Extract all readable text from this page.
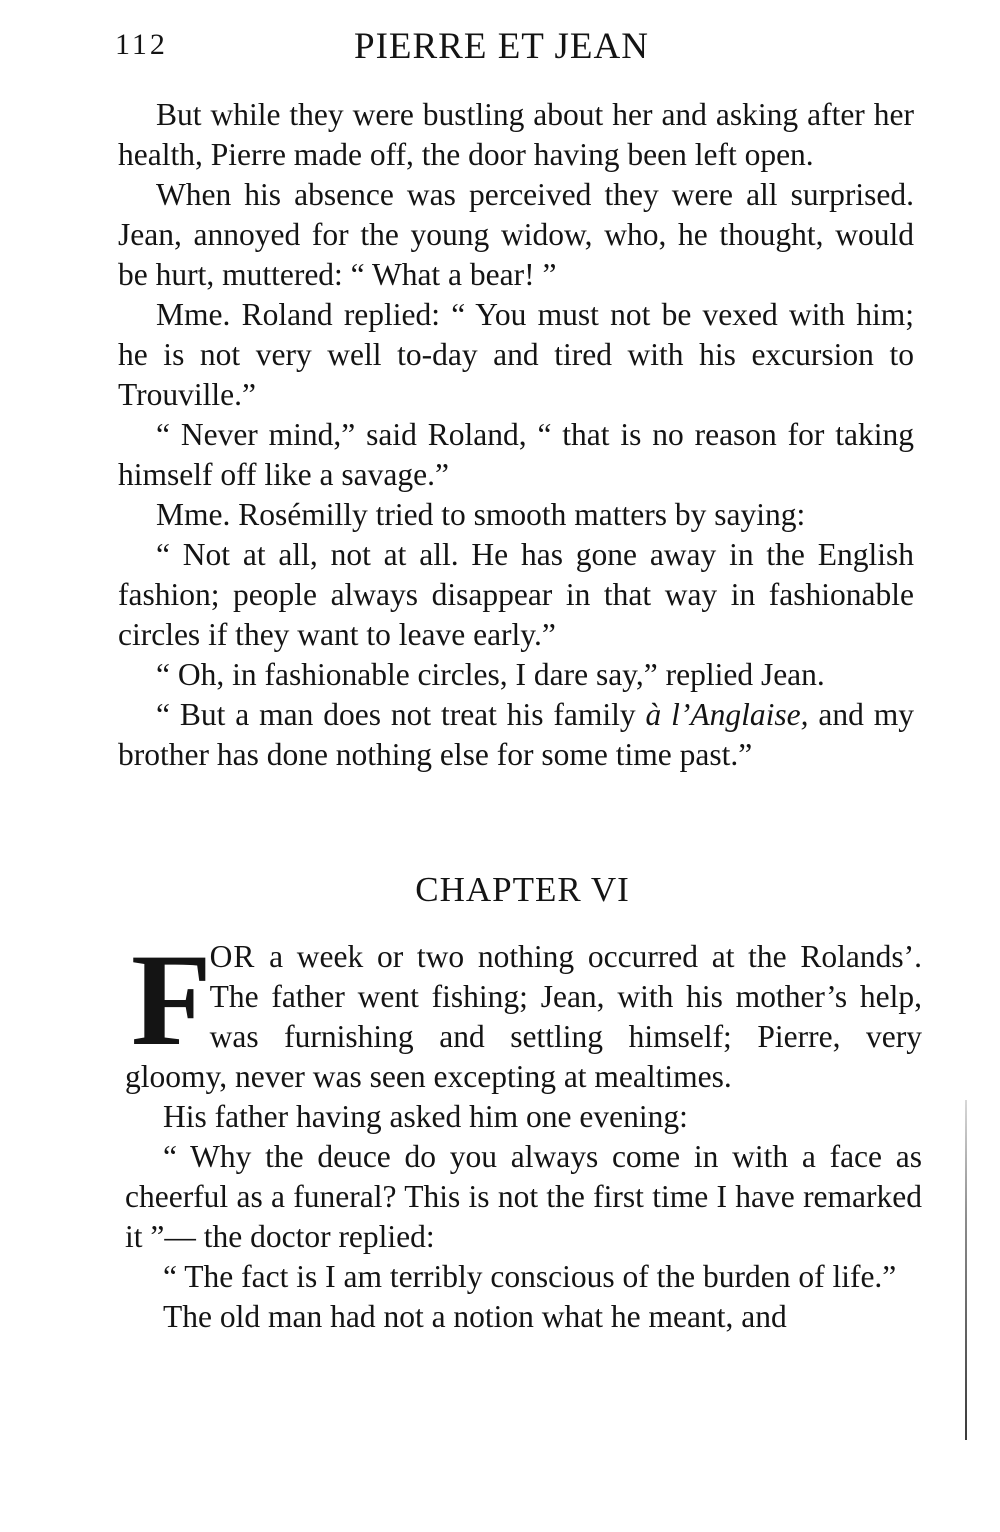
112	PIERRE ET JEAN

But while they were bustling about her and asking after her health, Pierre made off, the door having been left open.

When his absence was perceived they were all surprised. Jean, annoyed for the young widow, who, he thought, would be hurt, muttered: “ What a bear! ”

Mme. Roland replied: “ You must not be vexed with him; he is not very well to-day and tired with his excursion to Trouville.”

“ Never mind,” said Roland, “ that is no reason for taking himself off like a savage.”

Mme. Rosémilly tried to smooth matters by saying:

“ Not at all, not at all. He has gone away in the English fashion; people always disappear in that way in fashionable circles if they want to leave early.”

“ Oh, in fashionable circles, I dare say,” replied Jean.

“ But a man does not treat his family à l’Anglaise, and my brother has done nothing else for some time past.”

CHAPTER VI

FOR a week or two nothing occurred at the Rolands’. The father went fishing; Jean, with his mother’s help, was furnishing and settling himself; Pierre, very gloomy, never was seen excepting at mealtimes.

His father having asked him one evening:

“ Why the deuce do you always come in with a face as cheerful as a funeral? This is not the first time I have remarked it ”— the doctor replied:

“ The fact is I am terribly conscious of the burden of life.”

The old man had not a notion what he meant, and
